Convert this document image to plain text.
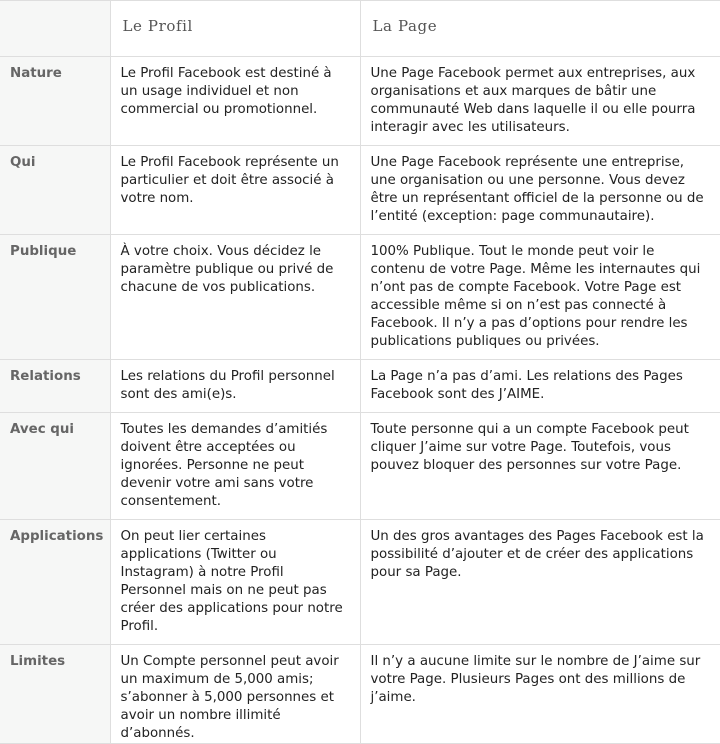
	Le Profil	La Page
Nature	Le Profil Facebook est destiné à un usage individuel et non commercial ou promotionnel.	Une Page Facebook permet aux entreprises, aux organisations et aux marques de bâtir une communauté Web dans laquelle il ou elle pourra interagir avec les utilisateurs.
Qui	Le Profil Facebook représente un particulier et doit être associé à votre nom.	Une Page Facebook représente une entreprise, une organisation ou une personne. Vous devez être un représentant officiel de la personne ou de l’entité (exception: page communautaire).
Publique	À votre choix. Vous décidez le paramètre publique ou privé de chacune de vos publications.	100% Publique. Tout le monde peut voir le contenu de votre Page. Même les internautes qui n’ont pas de compte Facebook. Votre Page est accessible même si on n’est pas connecté à Facebook. Il n’y a pas d’options pour rendre les publications publiques ou privées.
Relations	Les relations du Profil personnel sont des ami(e)s.	La Page n’a pas d’ami. Les relations des Pages Facebook sont des J’AIME.
Avec qui	Toutes les demandes d’amitiés doivent être acceptées ou ignorées. Personne ne peut devenir votre ami sans votre consentement.	Toute personne qui a un compte Facebook peut cliquer J’aime sur votre Page. Toutefois, vous pouvez bloquer des personnes sur votre Page.
Applications	On peut lier certaines applications (Twitter ou Instagram) à notre Profil Personnel mais on ne peut pas créer des applications pour notre Profil.	Un des gros avantages des Pages Facebook est la possibilité d’ajouter et de créer des applications pour sa Page.
Limites	Un Compte personnel peut avoir un maximum de 5,000 amis; s’abonner à 5,000 personnes et avoir un nombre illimité d’abonnés.	Il n’y a aucune limite sur le nombre de J’aime sur votre Page. Plusieurs Pages ont des millions de j’aime.
